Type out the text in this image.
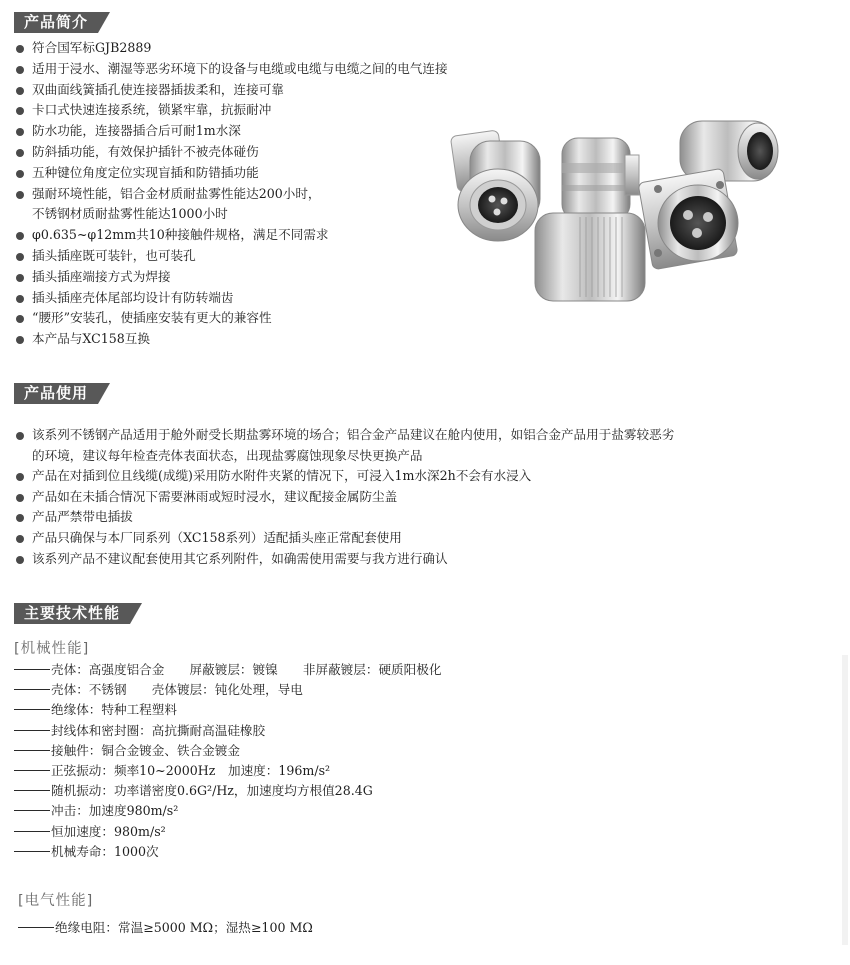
产品简介
符合国军标GJB2889
适用于浸水、潮湿等恶劣环境下的设备与电缆或电缆与电缆之间的电气连接
双曲面线簧插孔使连接器插拔柔和，连接可靠
卡口式快速连接系统，锁紧牢靠，抗振耐冲
防水功能，连接器插合后可耐1m水深
防斜插功能，有效保护插针不被壳体碰伤
五种键位角度定位实现盲插和防错插功能
强耐环境性能，铝合金材质耐盐雾性能达200小时，
不锈钢材质耐盐雾性能达1000小时
φ0.635~φ12mm共10种接触件规格，满足不同需求
插头插座既可装针，也可装孔
插头插座端接方式为焊接
插头插座壳体尾部均设计有防转端齿
“腰形”安装孔，使插座安装有更大的兼容性
本产品与XC158互换
产品使用
该系列不锈钢产品适用于舱外耐受长期盐雾环境的场合；铝合金产品建议在舱内使用，如铝合金产品用于盐雾较恶劣
的环境，建议每年检查壳体表面状态，出现盐雾腐蚀现象尽快更换产品
产品在对插到位且线缆(成缆)采用防水附件夹紧的情况下，可浸入1m水深2h不会有水浸入
产品如在未插合情况下需要淋雨或短时浸水，建议配接金属防尘盖
产品严禁带电插拔
产品只确保与本厂同系列（XC158系列）适配插头座正常配套使用
该系列产品不建议配套使用其它系列附件，如确需使用需要与我方进行确认
主要技术性能
[机械性能]
壳体：高强度铝合金　　屏蔽镀层：镀镍　　非屏蔽镀层：硬质阳极化
壳体：不锈钢　　壳体镀层：钝化处理，导电
绝缘体：特种工程塑料
封线体和密封圈：高抗撕耐高温硅橡胶
接触件：铜合金镀金、铁合金镀金
正弦振动：频率10~2000Hz　加速度：196m/s²
随机振动：功率谱密度0.6G²/Hz，加速度均方根值28.4G
冲击：加速度980m/s²
恒加速度：980m/s²
机械寿命：1000次
[电气性能]
绝缘电阻：常温≥5000 MΩ；湿热≥100 MΩ
